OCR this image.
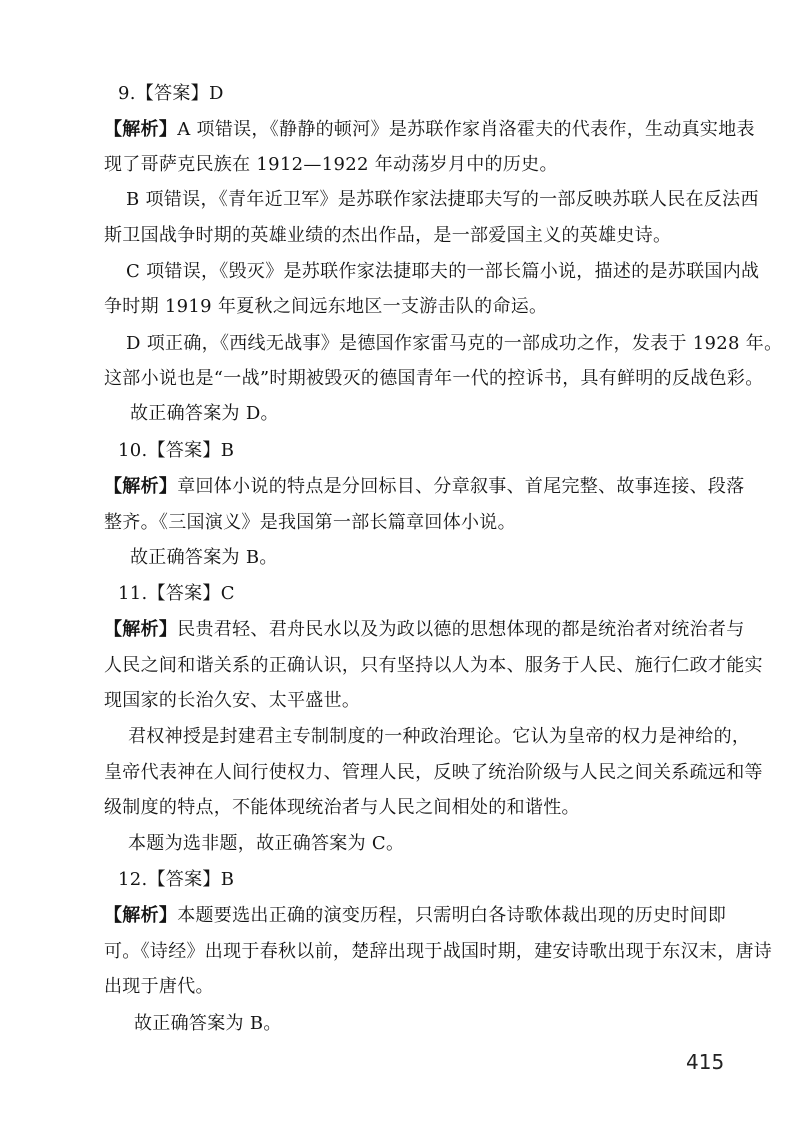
9.【答案】D
【解析】A 项错误，《静静的顿河》是苏联作家肖洛霍夫的代表作，生动真实地表
现了哥萨克民族在 1912—1922 年动荡岁月中的历史。
B 项错误，《青年近卫军》是苏联作家法捷耶夫写的一部反映苏联人民在反法西
斯卫国战争时期的英雄业绩的杰出作品，是一部爱国主义的英雄史诗。
C 项错误，《毁灭》是苏联作家法捷耶夫的一部长篇小说，描述的是苏联国内战
争时期 1919 年夏秋之间远东地区一支游击队的命运。
D 项正确，《西线无战事》是德国作家雷马克的一部成功之作，发表于 1928 年。
这部小说也是“一战”时期被毁灭的德国青年一代的控诉书，具有鲜明的反战色彩。
故正确答案为 D。
10.【答案】B
【解析】章回体小说的特点是分回标目、分章叙事、首尾完整、故事连接、段落
整齐。《三国演义》是我国第一部长篇章回体小说。
故正确答案为 B。
11.【答案】C
【解析】民贵君轻、君舟民水以及为政以德的思想体现的都是统治者对统治者与
人民之间和谐关系的正确认识，只有坚持以人为本、服务于人民、施行仁政才能实
现国家的长治久安、太平盛世。
君权神授是封建君主专制制度的一种政治理论。它认为皇帝的权力是神给的，
皇帝代表神在人间行使权力、管理人民，反映了统治阶级与人民之间关系疏远和等
级制度的特点，不能体现统治者与人民之间相处的和谐性。
本题为选非题，故正确答案为 C。
12.【答案】B
【解析】本题要选出正确的演变历程，只需明白各诗歌体裁出现的历史时间即
可。《诗经》出现于春秋以前，楚辞出现于战国时期，建安诗歌出现于东汉末，唐诗
出现于唐代。
故正确答案为 B。
415
